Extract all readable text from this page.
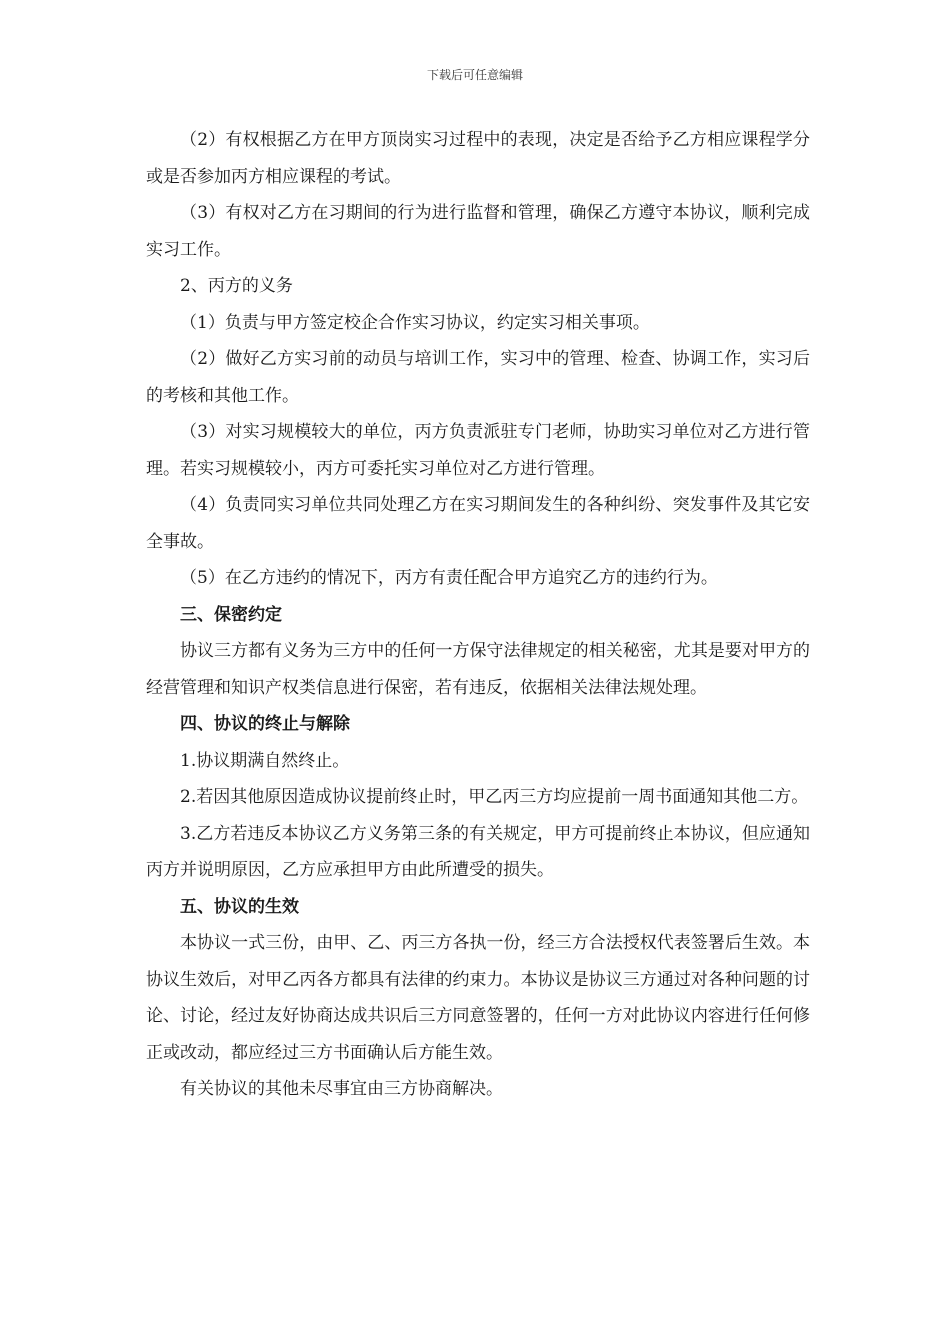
下载后可任意编辑

（2）有权根据乙方在甲方顶岗实习过程中的表现，决定是否给予乙方相应课程学分或是否参加丙方相应课程的考试。

（3）有权对乙方在习期间的行为进行监督和管理，确保乙方遵守本协议，顺利完成实习工作。

2、丙方的义务

（1）负责与甲方签定校企合作实习协议，约定实习相关事项。

（2）做好乙方实习前的动员与培训工作，实习中的管理、检查、协调工作，实习后的考核和其他工作。

（3）对实习规模较大的单位，丙方负责派驻专门老师，协助实习单位对乙方进行管理。若实习规模较小，丙方可委托实习单位对乙方进行管理。

（4）负责同实习单位共同处理乙方在实习期间发生的各种纠纷、突发事件及其它安全事故。

（5）在乙方违约的情况下，丙方有责任配合甲方追究乙方的违约行为。

三、保密约定

协议三方都有义务为三方中的任何一方保守法律规定的相关秘密，尤其是要对甲方的经营管理和知识产权类信息进行保密，若有违反，依据相关法律法规处理。

四、协议的终止与解除

1.协议期满自然终止。

2.若因其他原因造成协议提前终止时，甲乙丙三方均应提前一周书面通知其他二方。

3.乙方若违反本协议乙方义务第三条的有关规定，甲方可提前终止本协议，但应通知丙方并说明原因，乙方应承担甲方由此所遭受的损失。

五、协议的生效

本协议一式三份，由甲、乙、丙三方各执一份，经三方合法授权代表签署后生效。本协议生效后，对甲乙丙各方都具有法律的约束力。本协议是协议三方通过对各种问题的讨论、讨论，经过友好协商达成共识后三方同意签署的，任何一方对此协议内容进行任何修正或改动，都应经过三方书面确认后方能生效。

有关协议的其他未尽事宜由三方协商解决。
